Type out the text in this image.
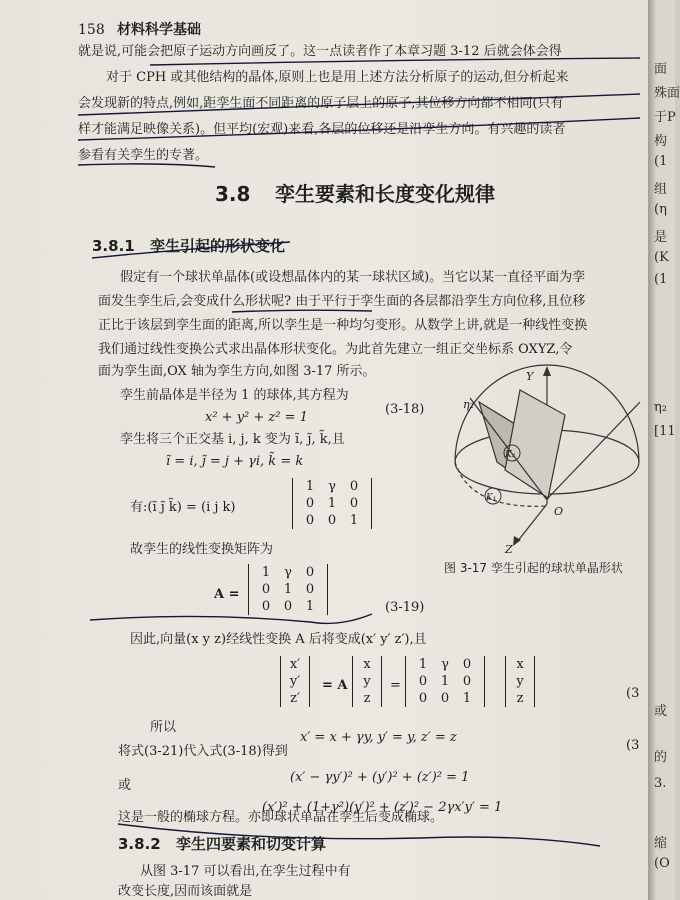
158 材料科学基础
就是说,可能会把原子运动方向画反了。这一点读者作了本章习题 3-12 后就会体会得
对于 CPH 或其他结构的晶体,原则上也是用上述方法分析原子的运动,但分析起来
会发现新的特点,例如,距孪生面不同距离的原子层上的原子,其位移方向都不相同(只有
样才能满足映像关系)。但平均(宏观)来看,各层的位移还是沿孪生方向。有兴趣的读者
参看有关孪生的专著。
3.8 孪生要素和长度变化规律
3.8.1 孪生引起的形状变化
假定有一个球状单晶体(或设想晶体内的某一球状区域)。当它以某一直径平面为孪
面发生孪生后,会变成什么形状呢? 由于平行于孪生面的各层都沿孪生方向位移,且位移
正比于该层到孪生面的距离,所以孪生是一种均匀变形。从数学上讲,就是一种线性变换
我们通过线性变换公式求出晶体形状变化。为此首先建立一组正交坐标系 OXYZ,令
面为孪生面,OX 轴为孪生方向,如图 3-17 所示。
孪生前晶体是半径为 1 的球体,其方程为
x² + y² + z² = 1
(3-18)
孪生将三个正交基 i, j, k 变为 ĩ, j̃, k̃,且
ĩ = i, j̃ = j + γi, k̃ = k
有:(ĩ j̃ k̃) = (i j k)
1	γ	0
0	1	0
0	0	1
故孪生的线性变换矩阵为
A =
1	γ	0
0	1	0
0	0	1	(3-19)
因此,向量(x y z)经线性变换 A 后将变成(x′ y′ z′),且
x′
y′
z′
= A
x
y
z
=
1	γ	0
0	1	0
0	0	1
x
y
z	(3
所以
x′ = x + γy, y′ = y, z′ = z
(3
将式(3-21)代入式(3-18)得到
(x′ − γy′)² + (y′)² + (z′)² = 1
或
(x′)² + (1+γ²)(y′)² + (z′)² − 2γx′y′ = 1
这是一般的椭球方程。亦即球状单晶在孪生后变成椭球。
3.8.2 孪生四要素和切变计算
从图 3-17 可以看出,在孪生过程中有
改变长度,因而该面就是
Y
Z
O
η₂
K₂
K₁
图 3-17 孪生引起的球状单晶形状
面
殊面
于P
构
(1
组
(η
是
(K
(1
η₂
[11
或
的
3.
缩
(O
